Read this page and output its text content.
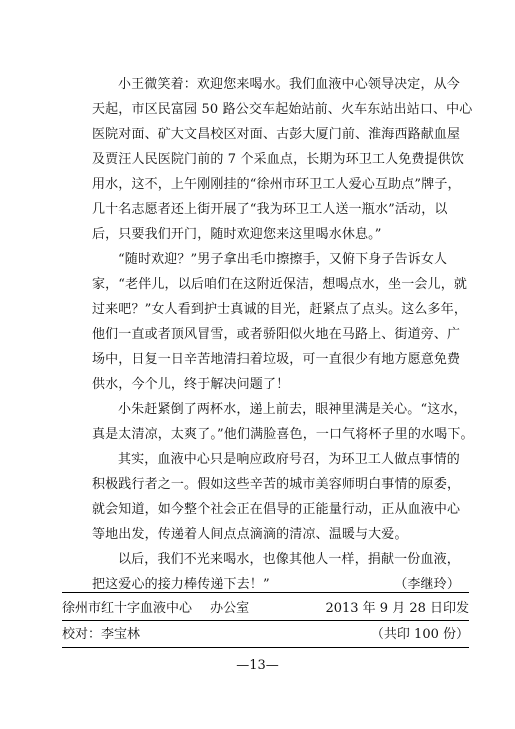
小王微笑着：欢迎您来喝水。我们血液中心领导决定，从今
天起，市区民富园 50 路公交车起始站前、火车东站出站口、中心
医院对面、矿大文昌校区对面、古彭大厦门前、淮海西路献血屋
及贾汪人民医院门前的 7 个采血点，长期为环卫工人免费提供饮
用水，这不，上午刚刚挂的“徐州市环卫工人爱心互助点”牌子，
几十名志愿者还上街开展了“我为环卫工人送一瓶水”活动，以
后，只要我们开门，随时欢迎您来这里喝水休息。”
“随时欢迎？”男子拿出毛巾擦擦手，又俯下身子告诉女人
家，“老伴儿，以后咱们在这附近保洁，想喝点水，坐一会儿，就
过来吧？”女人看到护士真诚的目光，赶紧点了点头。这么多年，
他们一直或者顶风冒雪，或者骄阳似火地在马路上、街道旁、广
场中，日复一日辛苦地清扫着垃圾，可一直很少有地方愿意免费
供水，今个儿，终于解决问题了！
小朱赶紧倒了两杯水，递上前去，眼神里满是关心。“这水，
真是太清凉，太爽了。”他们满脸喜色，一口气将杯子里的水喝下。
其实，血液中心只是响应政府号召，为环卫工人做点事情的
积极践行者之一。假如这些辛苦的城市美容师明白事情的原委，
就会知道，如今整个社会正在倡导的正能量行动，正从血液中心
等地出发，传递着人间点点滴滴的清凉、温暖与大爱。
以后，我们不光来喝水，也像其他人一样，捐献一份血液，
把这爱心的接力棒传递下去！”	（李继玲）
徐州市红十字血液中心 办公室	2013 年 9 月 28 日印发
校对：李宝林	（共印 100 份）
—13—
